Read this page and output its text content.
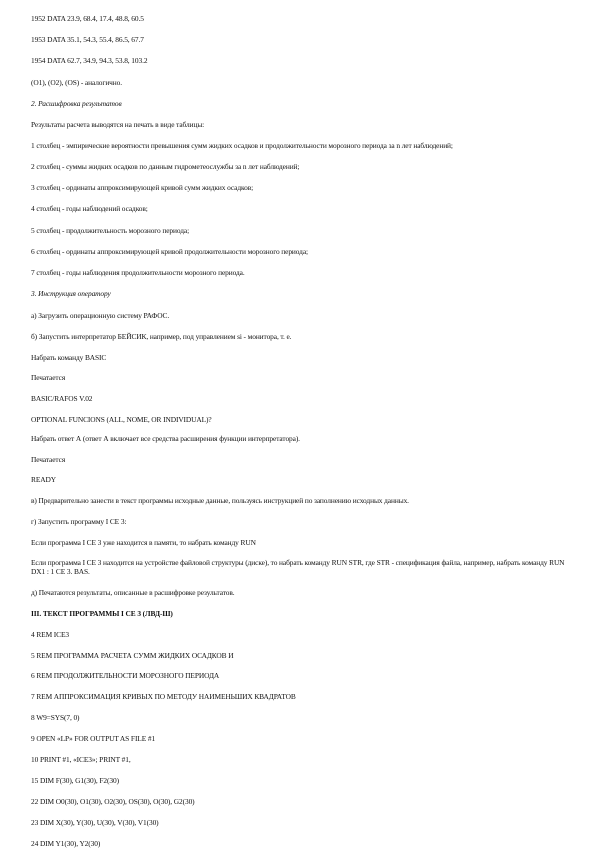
1952 DATA 23.9, 68.4, 17.4, 48.8, 60.5
1953 DATA 35.1, 54.3, 55.4, 86.5, 67.7
1954 DATA 62.7, 34.9, 94.3, 53.8, 103.2
(O1), (O2), (OS) - аналогично.
2. Расшифровка результатов
Результаты расчета выводятся на печать в виде таблицы:
1 столбец - эмпирические вероятности превышения сумм жидких осадков и продолжительности морозного периода за n лет наблюдений;
2 столбец - суммы жидких осадков по данным гидрометеослужбы за n лет наблюдений;
3 столбец - ординаты аппроксимирующей кривой сумм жидких осадков;
4 столбец - годы наблюдений осадков;
5 столбец - продолжительность морозного периода;
6 столбец - ординаты аппроксимирующей кривой продолжительности морозного периода;
7 столбец - годы наблюдения продолжительности морозного периода.
3. Инструкция оператору
а) Загрузить операционную систему РАФОС.
б) Запустить интерпретатор БЕЙСИК, например, под управлением si - монитора, т. е.
Набрать команду BASIC
Печатается
BASIC/RAFOS V.02
OPTIONAL FUNCIONS (ALL, NOME, OR INDIVIDUAL)?
Набрать ответ А (ответ А включает все средства расширения функции интерпретатора).
Печатается
READY
в) Предварительно занести в текст программы исходные данные, пользуясь инструкцией по заполнению исходных данных.
г) Запустить программу I CE 3:
Если программа I CE 3 уже находится в памяти, то набрать команду RUN
Если программа I CE 3 находится на устройстве файловой структуры (диске), то набрать команду RUN STR, где STR - спецификация файла, например, набрать команду RUN DX1 : 1 CE 3. BAS.
д) Печатаются результаты, описанные в расшифровке результатов.
III. ТЕКСТ ПРОГРАММЫ I CE 3 (ЛВД-Ш)
4 REM ICE3
5 REM ПРОГРАММА РАСЧЕТА СУММ ЖИДКИХ ОСАДКОВ И
6 REM ПРОДОЛЖИТЕЛЬНОСТИ МОРОЗНОГО ПЕРИОДА
7 REM АППРОКСИМАЦИЯ КРИВЫХ ПО МЕТОДУ НАИМЕНЬШИХ КВАДРАТОВ
8 W9=SYS(7, 0)
9 OPEN «LP» FOR OUTPUT AS FILE #1
10 PRINT #1, «ICE3»; PRINT #1,
15 DIM F(30), G1(30), F2(30)
22 DIM O0(30), O1(30), O2(30), OS(30), O(30), G2(30)
23 DIM X(30), Y(30), U(30), V(30), V1(30)
24 DIM Y1(30), Y2(30)
